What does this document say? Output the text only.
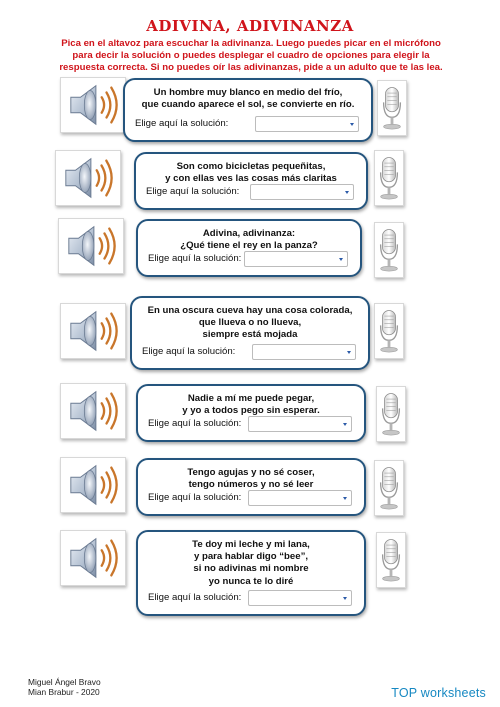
ADIVINA, ADIVINANZA
Pica en el altavoz para escuchar la adivinanza. Luego puedes picar en el micrófono
para decir la solución o puedes desplegar el cuadro de opciones para elegir la
respuesta correcta. Si no puedes oír las adivinanzas, pide a un adulto que te las lea.
Un hombre muy blanco en medio del frío,
que cuando aparece el sol, se convierte en río.
Elige aquí la solución:
Son como bicicletas pequeñitas,
y con ellas ves las cosas más claritas
Elige aquí la solución:
Adivina, adivinanza:
¿Qué tiene el rey en la panza?
Elige aquí la solución:
En una oscura cueva hay una cosa colorada,
que llueva o no llueva,
siempre está mojada
Elige aquí la solución:
Nadie a mí me puede pegar,
y yo a todos pego sin esperar.
Elige aquí la solución:
Tengo agujas y no sé coser,
tengo números y no sé leer
Elige aquí la solución:
Te doy mi leche y mi lana,
y para hablar digo “bee”,
si no adivinas mi nombre
yo nunca te lo diré
Elige aquí la solución:
Miguel Ángel Bravo
Mian Brabur - 2020	TOP worksheets
